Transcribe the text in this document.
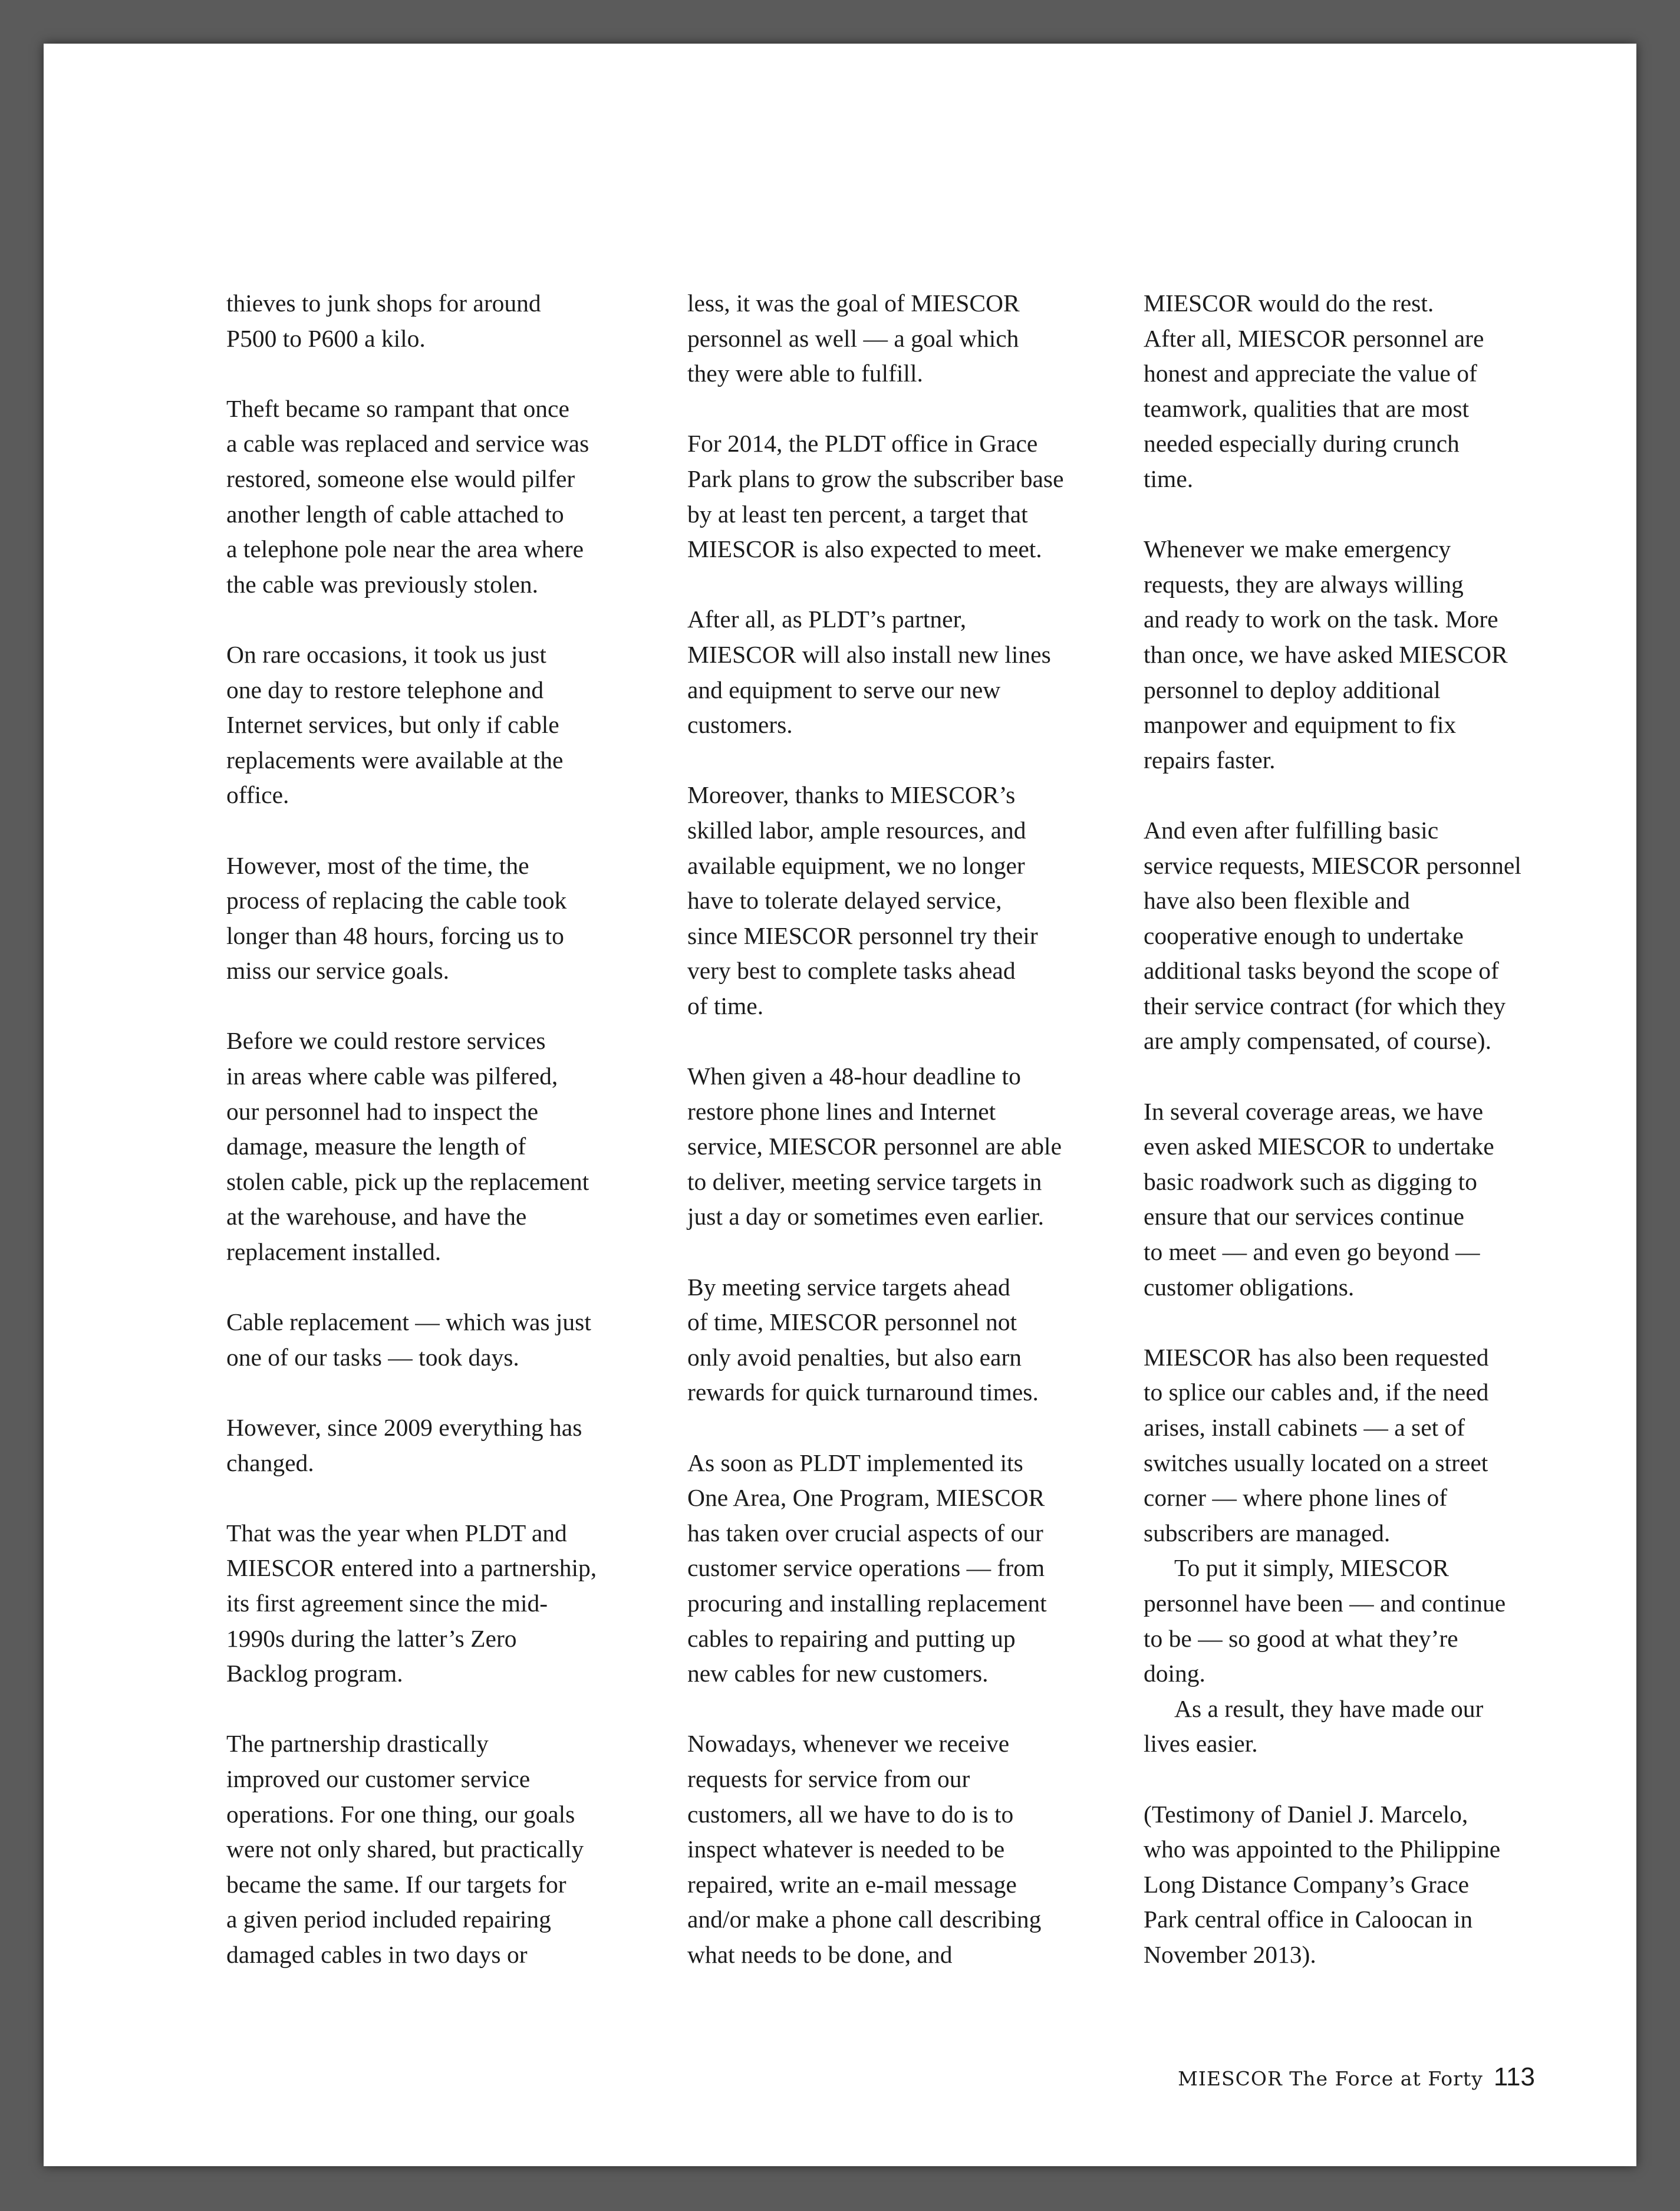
thieves to junk shops for around
P500 to P600 a kilo.

Theft became so rampant that once
a cable was replaced and service was
restored, someone else would pilfer
another length of cable attached to
a telephone pole near the area where
the cable was previously stolen.

On rare occasions, it took us just
one day to restore telephone and
Internet services, but only if cable
replacements were available at the
office.

However, most of the time, the
process of replacing the cable took
longer than 48 hours, forcing us to
miss our service goals.

Before we could restore services
in areas where cable was pilfered,
our personnel had to inspect the
damage, measure the length of
stolen cable, pick up the replacement
at the warehouse, and have the
replacement installed.

Cable replacement — which was just
one of our tasks — took days.

However, since 2009 everything has
changed.

That was the year when PLDT and
MIESCOR entered into a partnership,
its first agreement since the mid-
1990s during the latter’s Zero
Backlog program.

The partnership drastically
improved our customer service
operations. For one thing, our goals
were not only shared, but practically
became the same. If our targets for
a given period included repairing
damaged cables in two days or

less, it was the goal of MIESCOR
personnel as well — a goal which
they were able to fulfill.

For 2014, the PLDT office in Grace
Park plans to grow the subscriber base
by at least ten percent, a target that
MIESCOR is also expected to meet.

After all, as PLDT’s partner,
MIESCOR will also install new lines
and equipment to serve our new
customers.

Moreover, thanks to MIESCOR’s
skilled labor, ample resources, and
available equipment, we no longer
have to tolerate delayed service,
since MIESCOR personnel try their
very best to complete tasks ahead
of time.

When given a 48-hour deadline to
restore phone lines and Internet
service, MIESCOR personnel are able
to deliver, meeting service targets in
just a day or sometimes even earlier.

By meeting service targets ahead
of time, MIESCOR personnel not
only avoid penalties, but also earn
rewards for quick turnaround times.

As soon as PLDT implemented its
One Area, One Program, MIESCOR
has taken over crucial aspects of our
customer service operations — from
procuring and installing replacement
cables to repairing and putting up
new cables for new customers.

Nowadays, whenever we receive
requests for service from our
customers, all we have to do is to
inspect whatever is needed to be
repaired, write an e-mail message
and/or make a phone call describing
what needs to be done, and

MIESCOR would do the rest.

After all, MIESCOR personnel are
honest and appreciate the value of
teamwork, qualities that are most
needed especially during crunch
time.

Whenever we make emergency
requests, they are always willing
and ready to work on the task. More
than once, we have asked MIESCOR
personnel to deploy additional
manpower and equipment to fix
repairs faster.

And even after fulfilling basic
service requests, MIESCOR personnel
have also been flexible and
cooperative enough to undertake
additional tasks beyond the scope of
their service contract (for which they
are amply compensated, of course).

In several coverage areas, we have
even asked MIESCOR to undertake
basic roadwork such as digging to
ensure that our services continue
to meet — and even go beyond —
customer obligations.

MIESCOR has also been requested
to splice our cables and, if the need
arises, install cabinets — a set of
switches usually located on a street
corner — where phone lines of
subscribers are managed.

To put it simply, MIESCOR
personnel have been — and continue
to be — so good at what they’re
doing.

As a result, they have made our
lives easier.

(Testimony of Daniel J. Marcelo,
who was appointed to the Philippine
Long Distance Company’s Grace
Park central office in Caloocan in
November 2013).

MIESCOR The Force at Forty 113
